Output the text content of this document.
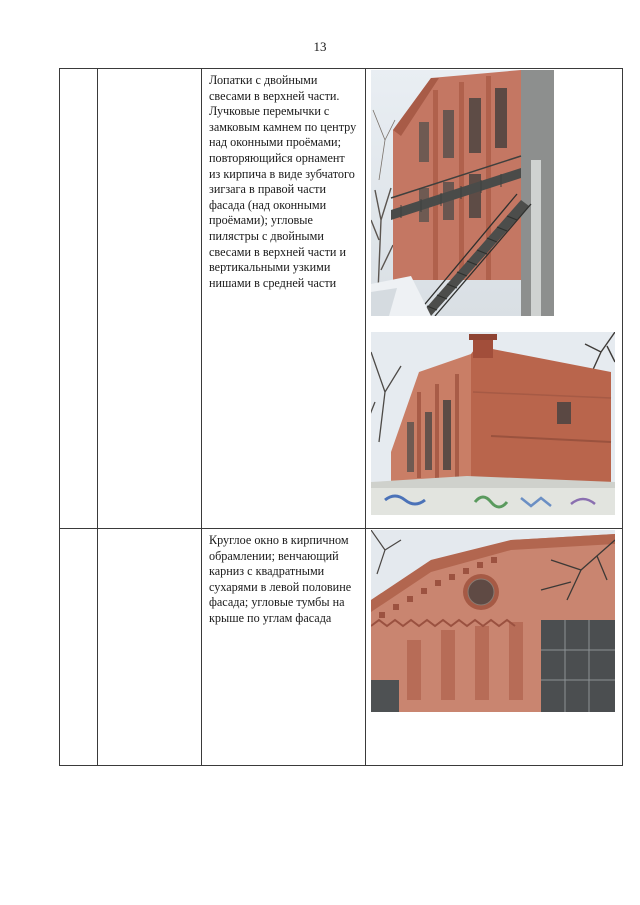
13

		Лопатки с двойными свесами в верхней части. Лучковые перемычки с замковым камнем по центру над оконными проёмами; повторяющийся орнамент из кирпича в виде зубчатого зигзага в правой части фасада (над оконными проёмами); угловые пилястры с двойными свесами в верхней части и вертикальными узкими нишами в средней части

		Круглое окно в кирпичном обрамлении; венчающий карниз с квадратными сухарями в левой половине фасада; угловые тумбы на крыше по углам фасада
